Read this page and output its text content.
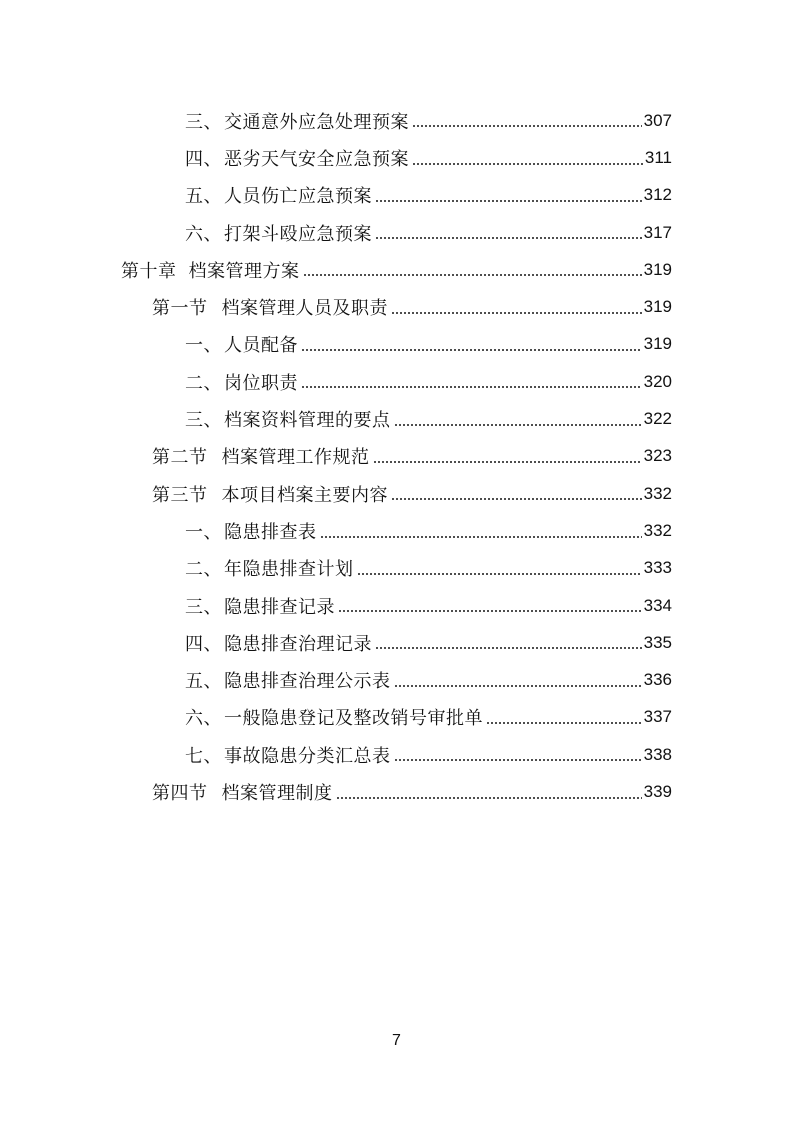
三、 交通意外应急处理预案	307
四、 恶劣天气安全应急预案	311
五、 人员伤亡应急预案	312
六、 打架斗殴应急预案	317
第十章 档案管理方案	319
第一节 档案管理人员及职责	319
一、 人员配备	319
二、 岗位职责	320
三、 档案资料管理的要点	322
第二节 档案管理工作规范	323
第三节 本项目档案主要内容	332
一、 隐患排查表	332
二、 年隐患排查计划	333
三、 隐患排查记录	334
四、 隐患排查治理记录	335
五、 隐患排查治理公示表	336
六、 一般隐患登记及整改销号审批单	337
七、 事故隐患分类汇总表	338
第四节 档案管理制度	339
7
